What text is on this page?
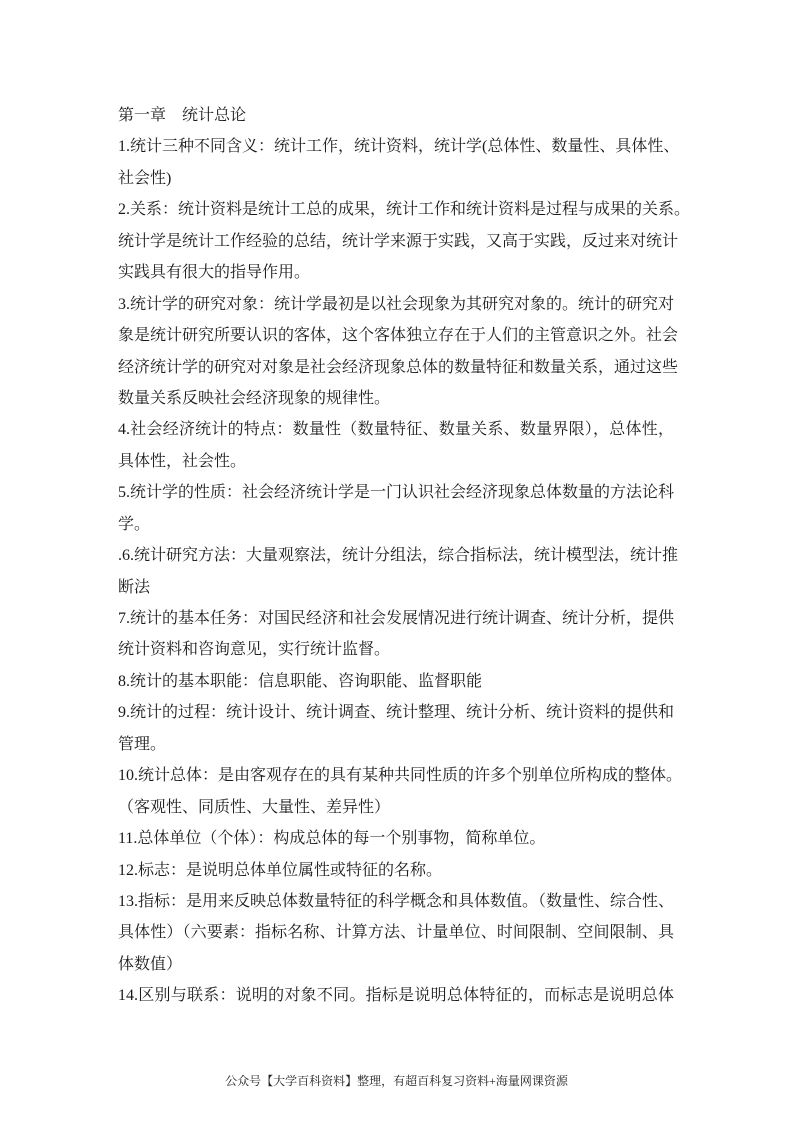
第一章　统计总论
1.统计三种不同含义：统计工作，统计资料，统计学(总体性、数量性、具体性、
社会性)
2.关系：统计资料是统计工总的成果，统计工作和统计资料是过程与成果的关系。
统计学是统计工作经验的总结，统计学来源于实践，又高于实践，反过来对统计
实践具有很大的指导作用。
3.统计学的研究对象：统计学最初是以社会现象为其研究对象的。统计的研究对
象是统计研究所要认识的客体，这个客体独立存在于人们的主管意识之外。社会
经济统计学的研究对对象是社会经济现象总体的数量特征和数量关系，通过这些
数量关系反映社会经济现象的规律性。
4.社会经济统计的特点：数量性（数量特征、数量关系、数量界限），总体性，
具体性，社会性。
5.统计学的性质：社会经济统计学是一门认识社会经济现象总体数量的方法论科
学。
.6.统计研究方法：大量观察法，统计分组法，综合指标法，统计模型法，统计推
断法
7.统计的基本任务：对国民经济和社会发展情况进行统计调查、统计分析，提供
统计资料和咨询意见，实行统计监督。
8.统计的基本职能：信息职能、咨询职能、监督职能
9.统计的过程：统计设计、统计调查、统计整理、统计分析、统计资料的提供和
管理。
10.统计总体：是由客观存在的具有某种共同性质的许多个别单位所构成的整体。
（客观性、同质性、大量性、差异性）
11.总体单位（个体）：构成总体的每一个别事物，简称单位。
12.标志：是说明总体单位属性或特征的名称。
13.指标：是用来反映总体数量特征的科学概念和具体数值。（数量性、综合性、
具体性）（六要素：指标名称、计算方法、计量单位、时间限制、空间限制、具
体数值）
14.区别与联系：说明的对象不同。指标是说明总体特征的，而标志是说明总体
公众号【大学百科资料】整理，有超百科复习资料+海量网课资源
